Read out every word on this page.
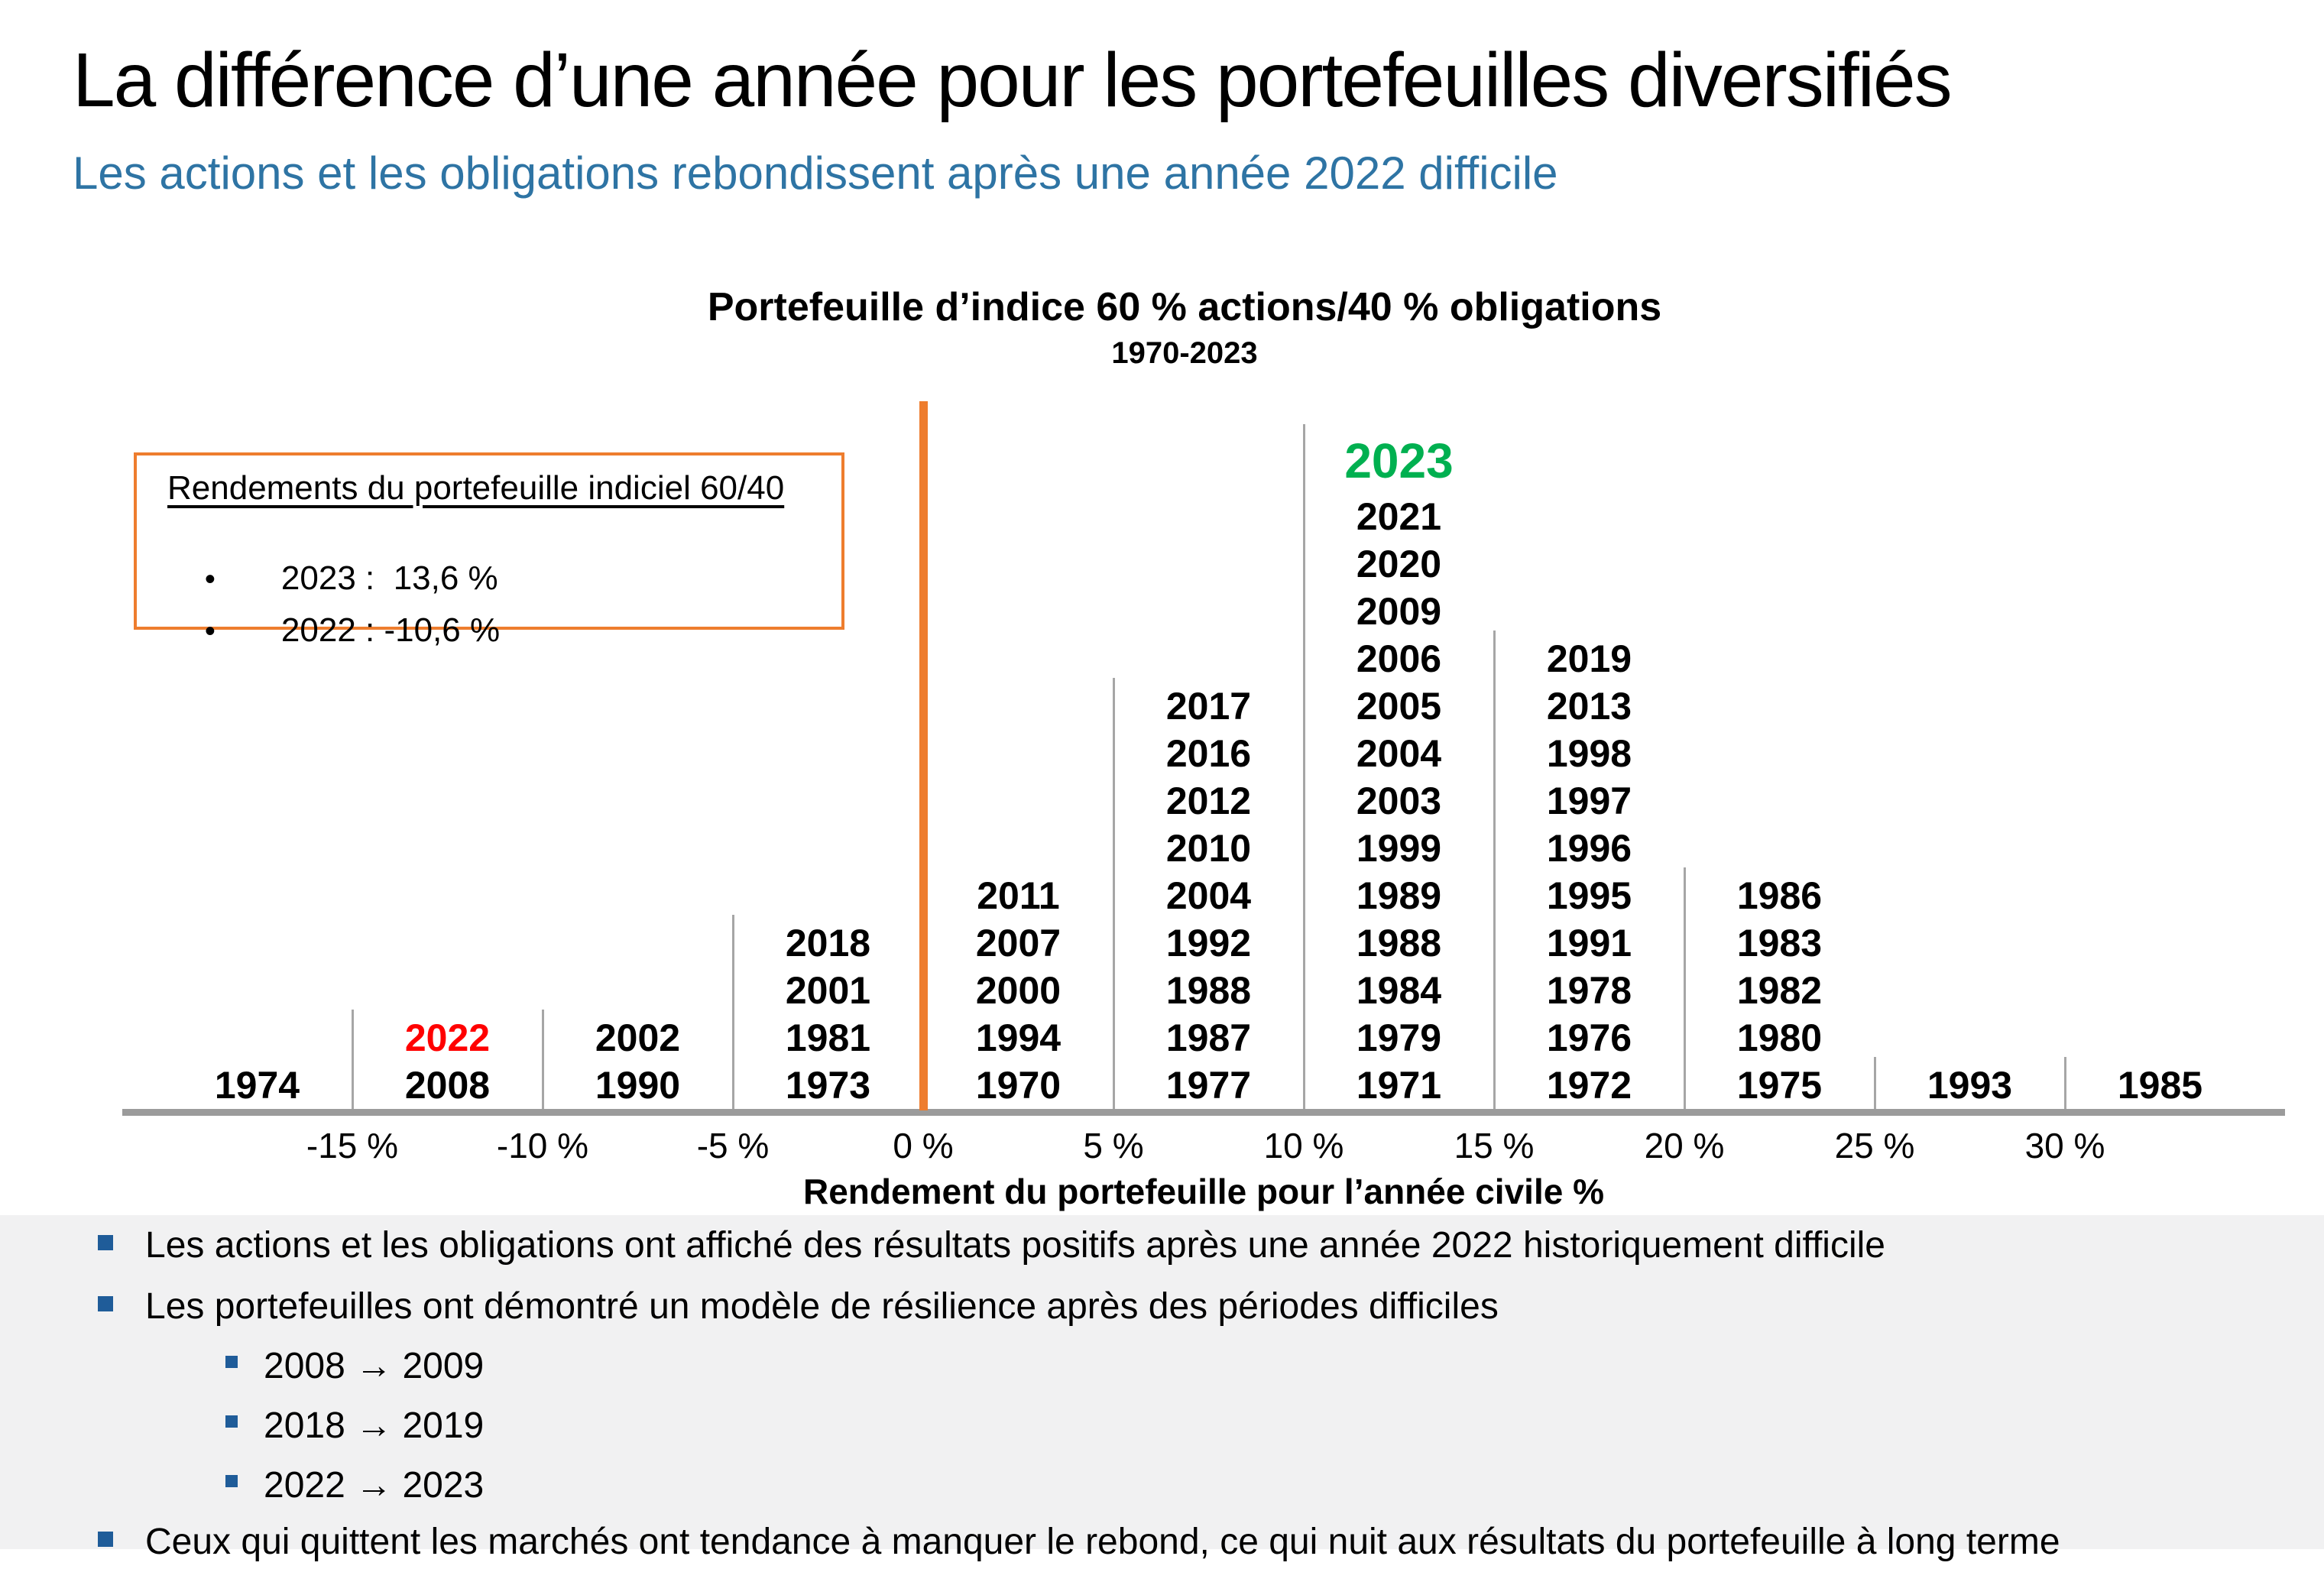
La différence d’une année pour les portefeuilles diversifiés
Les actions et les obligations rebondissent après une année 2022 difficile
Portefeuille d’indice 60 % actions/40 % obligations
1970-2023
Rendements du portefeuille indiciel 60/40

• 2023 :  13,6 %

• 2022 : -10,6 %

1974
2022
2008
2002
1990
2018
2001
1981
1973
2011
2007
2000
1994
1970
2017
2016
2012
2010
2004
1992
1988
1987
1977
2023
2021
2020
2009
2006
2005
2004
2003
1999
1989
1988
1984
1979
1971
2019
2013
1998
1997
1996
1995
1991
1978
1976
1972
1986
1983
1982
1980
1975	1993	1985
-15 %	-10 %	-5 %	0 %	5 %	10 %	15 %	20 %	25 %	30 %
Rendement du portefeuille pour l’année civile %
Les actions et les obligations ont affiché des résultats positifs après une année 2022 historiquement difficile
Les portefeuilles ont démontré un modèle de résilience après des périodes difficiles
2008 → 2009
2018 → 2019
2022 → 2023
Ceux qui quittent les marchés ont tendance à manquer le rebond, ce qui nuit aux résultats du portefeuille à long terme
